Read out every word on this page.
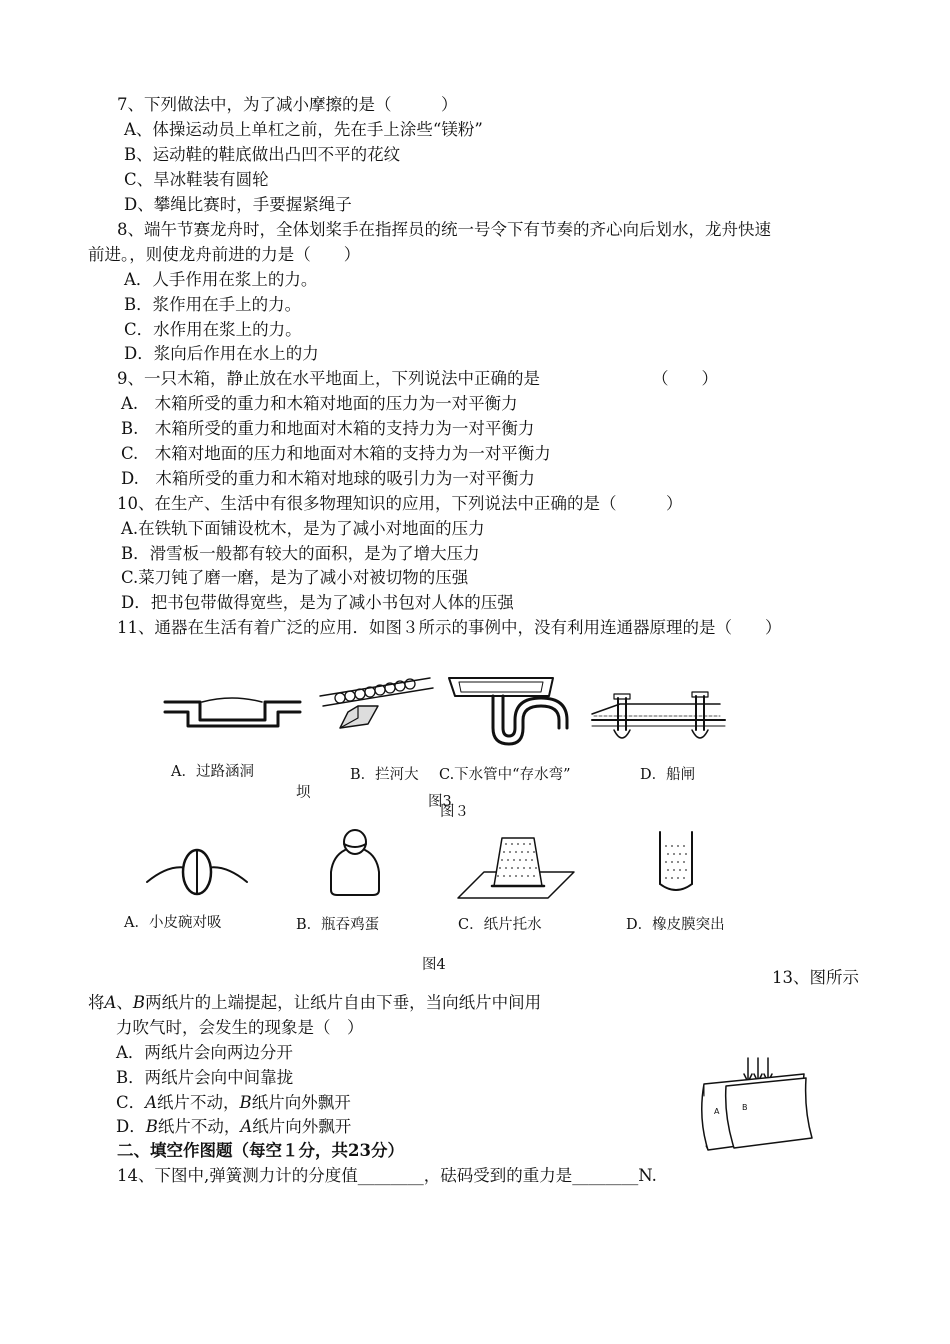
7、下列做法中，为了减小摩擦的是（　　　）
A、体操运动员上单杠之前，先在手上涂些“镁粉”
B、运动鞋的鞋底做出凸凹不平的花纹
C、旱冰鞋装有圆轮
D、攀绳比赛时，手要握紧绳子
8、端午节赛龙舟时，全体划桨手在指挥员的统一号令下有节奏的齐心向后划水，龙舟快速
前进。，则使龙舟前进的力是（　　）
A．人手作用在浆上的力。
B．浆作用在手上的力。
C．水作用在浆上的力。
D．浆向后作用在水上的力
9、一只木箱，静止放在水平地面上，下列说法中正确的是	（　　）
A.　木箱所受的重力和木箱对地面的压力为一对平衡力
B.　木箱所受的重力和地面对木箱的支持力为一对平衡力
C.　木箱对地面的压力和地面对木箱的支持力为一对平衡力
D.　木箱所受的重力和木箱对地球的吸引力为一对平衡力
10、在生产、生活中有很多物理知识的应用，下列说法中正确的是（　　　）
A.在铁轨下面铺设枕木，是为了减小对地面的压力
B．滑雪板一般都有较大的面积，是为了增大压力
C.菜刀钝了磨一磨，是为了减小对被切物的压强
D．把书包带做得宽些，是为了减小书包对人体的压强
11、通器在生活有着广泛的应用．如图３所示的事例中，没有利用连通器原理的是（　　）
A．过路涵洞	B．拦河大 C.下水管中“存水弯”	D．船闸
坝
图3
图３
A．小皮碗对吸	B．瓶吞鸡蛋	C．纸片托水	D．橡皮膜突出
图4
13、图所示
将A、B两纸片的上端提起，让纸片自由下垂，当向纸片中间用
力吹气时，会发生的现象是（　）
A．两纸片会向两边分开
B．两纸片会向中间靠拢
C．A纸片不动，B纸片向外飘开
D．B纸片不动，A纸片向外飘开
A	B
二、填空作图题（每空１分，共23分）
14、下图中,弹簧测力计的分度值________，砝码受到的重力是________N.
